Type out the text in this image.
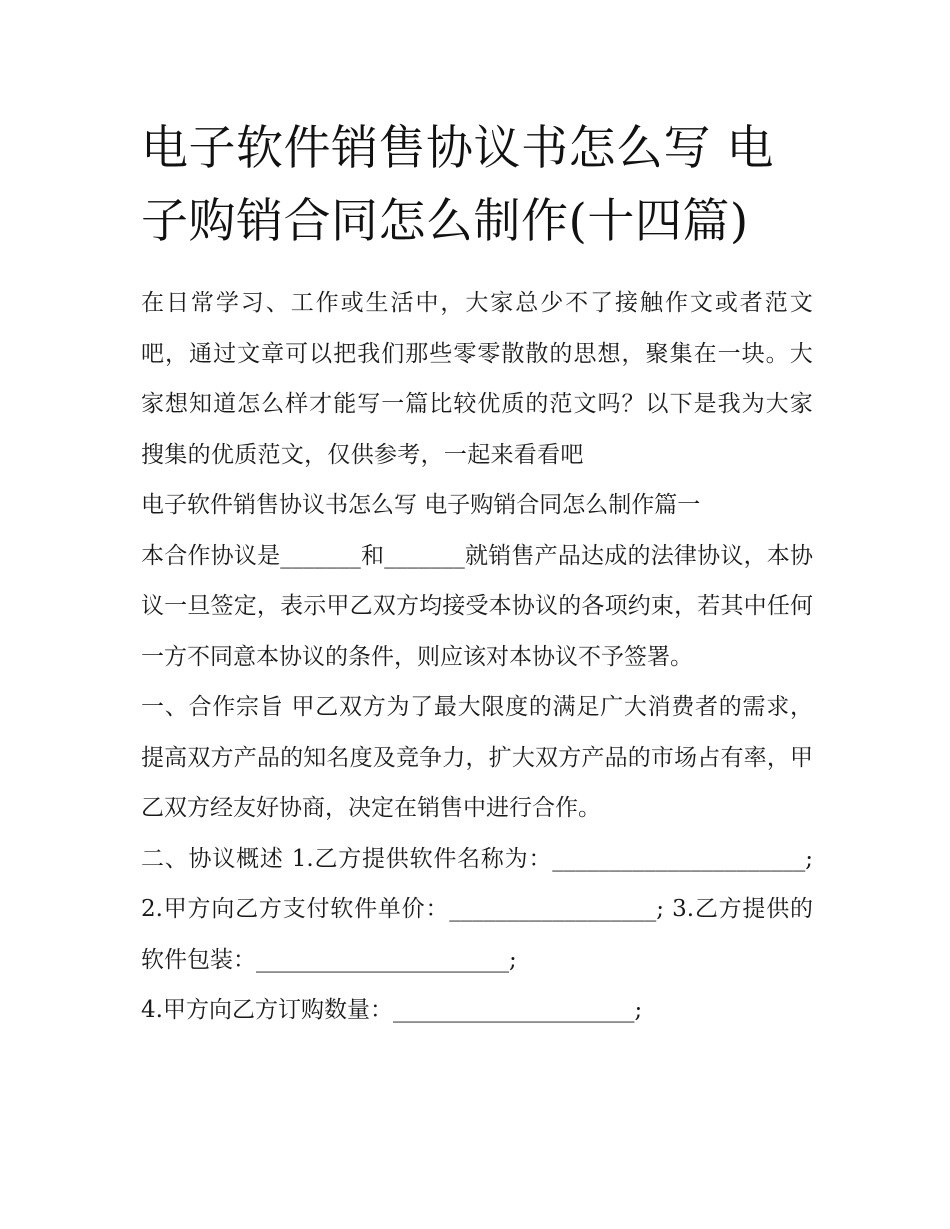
电子软件销售协议书怎么写 电子购销合同怎么制作(十四篇)

在日常学习、工作或生活中，大家总少不了接触作文或者范文吧，通过文章可以把我们那些零零散散的思想，聚集在一块。大家想知道怎么样才能写一篇比较优质的范文吗？以下是我为大家搜集的优质范文，仅供参考，一起来看看吧

电子软件销售协议书怎么写 电子购销合同怎么制作篇一

本合作协议是_______和_______就销售产品达成的法律协议，本协议一旦签定，表示甲乙双方均接受本协议的各项约束，若其中任何一方不同意本协议的条件，则应该对本协议不予签署。

一、合作宗旨 甲乙双方为了最大限度的满足广大消费者的需求，提高双方产品的知名度及竞争力，扩大双方产品的市场占有率，甲乙双方经友好协商，决定在销售中进行合作。

二、协议概述 1.乙方提供软件名称为：______________________; 2.甲方向乙方支付软件单价：__________________; 3.乙方提供的软件包装：______________________;

4.甲方向乙方订购数量：_____________________;
